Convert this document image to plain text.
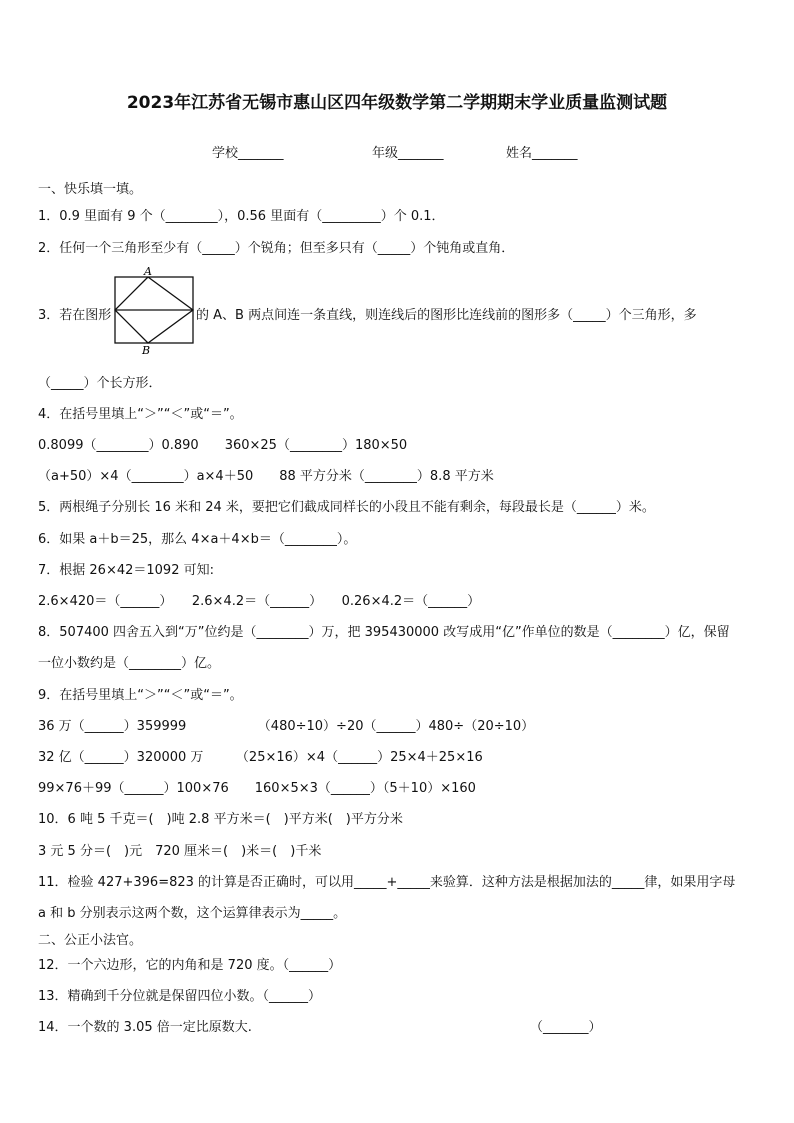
2023年江苏省无锡市惠山区四年级数学第二学期期末学业质量监测试题
学校_______	年级_______	姓名_______
一、快乐填一填。
1．0.9 里面有 9 个（________），0.56 里面有（_________）个 0.1．
2．任何一个三角形至少有（_____）个锐角；但至多只有（_____）个钝角或直角．
3．若在图形
A
B
的 A、B 两点间连一条直线，则连线后的图形比连线前的图形多（_____）个三角形，多
（_____）个长方形．
4．在括号里填上“＞”“＜”或“＝”。
0.8099（________）0.890　　360×25（________）180×50
（a+50）×4（________）a×4＋50　　88 平方分米（________）8.8 平方米
5．两根绳子分别长 16 米和 24 米，要把它们截成同样长的小段且不能有剩余，每段最长是（______）米。
6．如果 a＋b＝25，那么 4×a＋4×b＝（________）。
7．根据 26×42＝1092 可知:
2.6×420＝（______）　　2.6×4.2＝（______）　　0.26×4.2＝（______）
8．507400 四舍五入到“万”位约是（________）万，把 395430000 改写成用“亿”作单位的数是（________）亿，保留
一位小数约是（________）亿。
9．在括号里填上“＞”“＜”或“＝”。
36 万（______）359999　　　　　　（480÷10）÷20（______）480÷（20÷10）
32 亿（______）320000 万　　　（25×16）×4（______）25×4＋25×16
99×76＋99（______）100×76　　160×5×3（______）（5＋10）×160
10．6 吨 5 千克＝(　)吨 2.8 平方米＝(　)平方米(　)平方分米
3 元 5 分＝(　)元　720 厘米＝(　)米＝(　)千米
11．检验 427+396=823 的计算是否正确时，可以用_____+_____来验算．这种方法是根据加法的_____律，如果用字母
a 和 b 分别表示这两个数，这个运算律表示为_____。
二、公正小法官。
12．一个六边形，它的内角和是 720 度。（______）
13．精确到千分位就是保留四位小数。（______）
14．一个数的 3.05 倍一定比原数大.	（_______）
